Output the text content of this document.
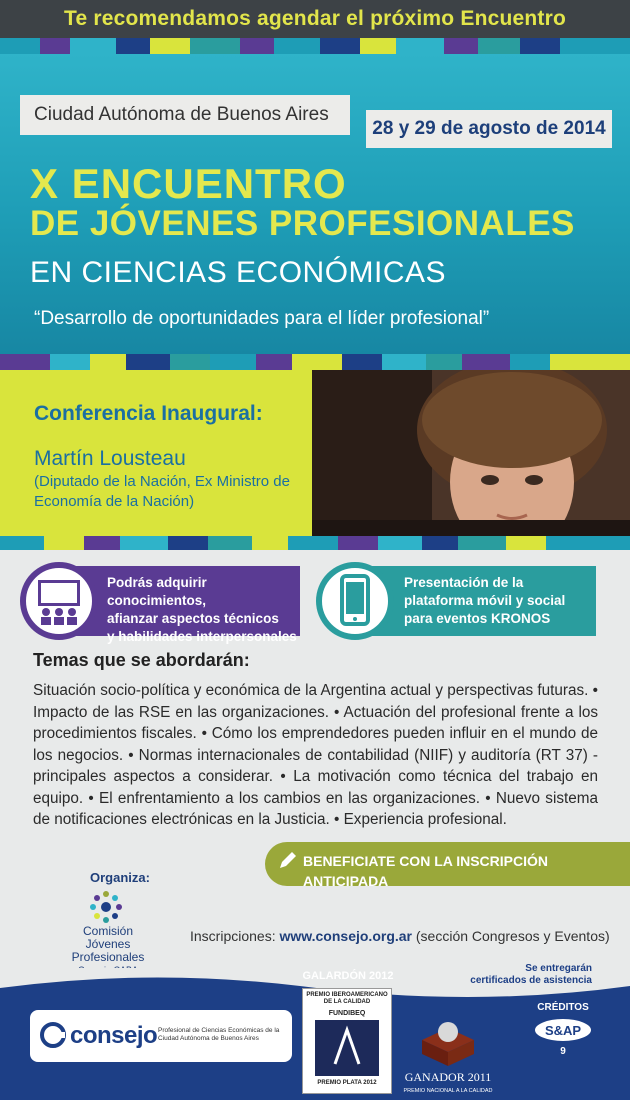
Te recomendamos agendar el próximo Encuentro
Ciudad Autónoma de Buenos Aires
28 y 29 de agosto de 2014
X ENCUENTRO
DE JÓVENES PROFESIONALES
EN CIENCIAS ECONÓMICAS
“Desarrollo de oportunidades para el líder profesional”
Conferencia Inaugural:
Martín Lousteau
(Diputado de la Nación, Ex Ministro de Economía de la Nación)
Podrás adquirir conocimientos,
afianzar aspectos técnicos
y habilidades interpersonales
Presentación de la
plataforma móvil y social
para eventos KRONOS
Temas que se abordarán:
Situación socio-política y económica de la Argentina actual y perspectivas futuras. • Impacto de las RSE en las organizaciones. • Actuación del profesional frente a los procedimientos fiscales. • Cómo los emprendedores pueden influir en el mundo de los negocios. • Normas internacionales de contabilidad (NIIF) y auditoría (RT 37) - principales aspectos a considerar. • La motivación como técnica del trabajo en equipo. • El enfrentamiento a los cambios en las organizaciones. • Nuevo sistema de notificaciones electrónicas en la Justicia. • Experiencia profesional.
BENEFICIATE CON LA INSCRIPCIÓN ANTICIPADA
Organiza:
Comisión
Jóvenes Profesionales
Inscripciones: www.consejo.org.ar (sección Congresos y Eventos)
Se entregarán certificados de asistencia
consejo Profesional de Ciencias Económicas de la Ciudad Autónoma de Buenos Aires
GALARDÓN 2012
PREMIO IBEROAMERICANO DE LA CALIDAD
FUNDIBEQ
PREMIO PLATA 2012	GANADOR 2011
PREMIO NACIONAL A LA CALIDAD
CRÉDITOS
S&AP
9
